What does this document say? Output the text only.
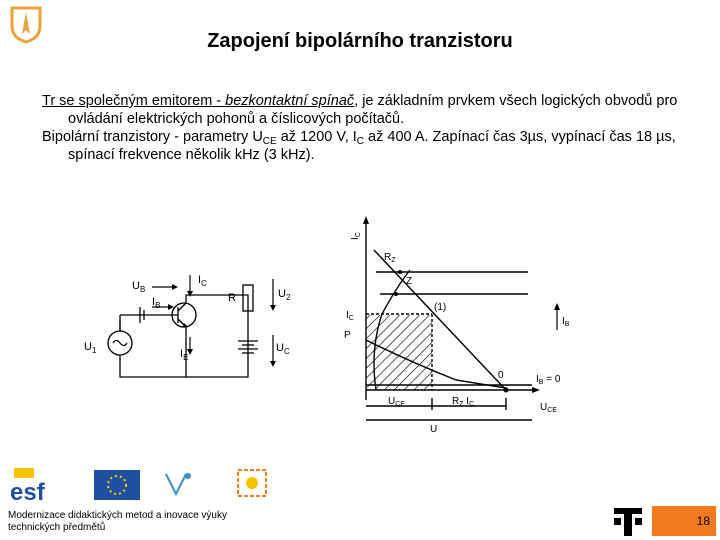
Zapojení bipolárního tranzistoru

Tr se společným emitorem - bezkontaktní spínač, je základním prvkem všech logických obvodů pro ovládání elektrických pohonů a číslicových počítačů.

Bipolární tranzistory - parametry $U_{CE}$ až 1200 V, $I_C$ až 400 A. Zapínací čas 3µs, vypínací čas 18 µs, spínací frekvence několik kHz (3 kHz).

$U_B$
$I_C$
R	$U_2$
$I_B$
$U_1$	$I_E$
$U_C$
$I_C$
$R_Z$
Z
(1)
$I_C$
P
0
$I_B$
$I_B = 0$
$U_{CE}$	$R_Z$ $I_C$	$U_{CE}$
U
esf
Modernizace didaktických metod a inovace výuky
technických předmětů	18
